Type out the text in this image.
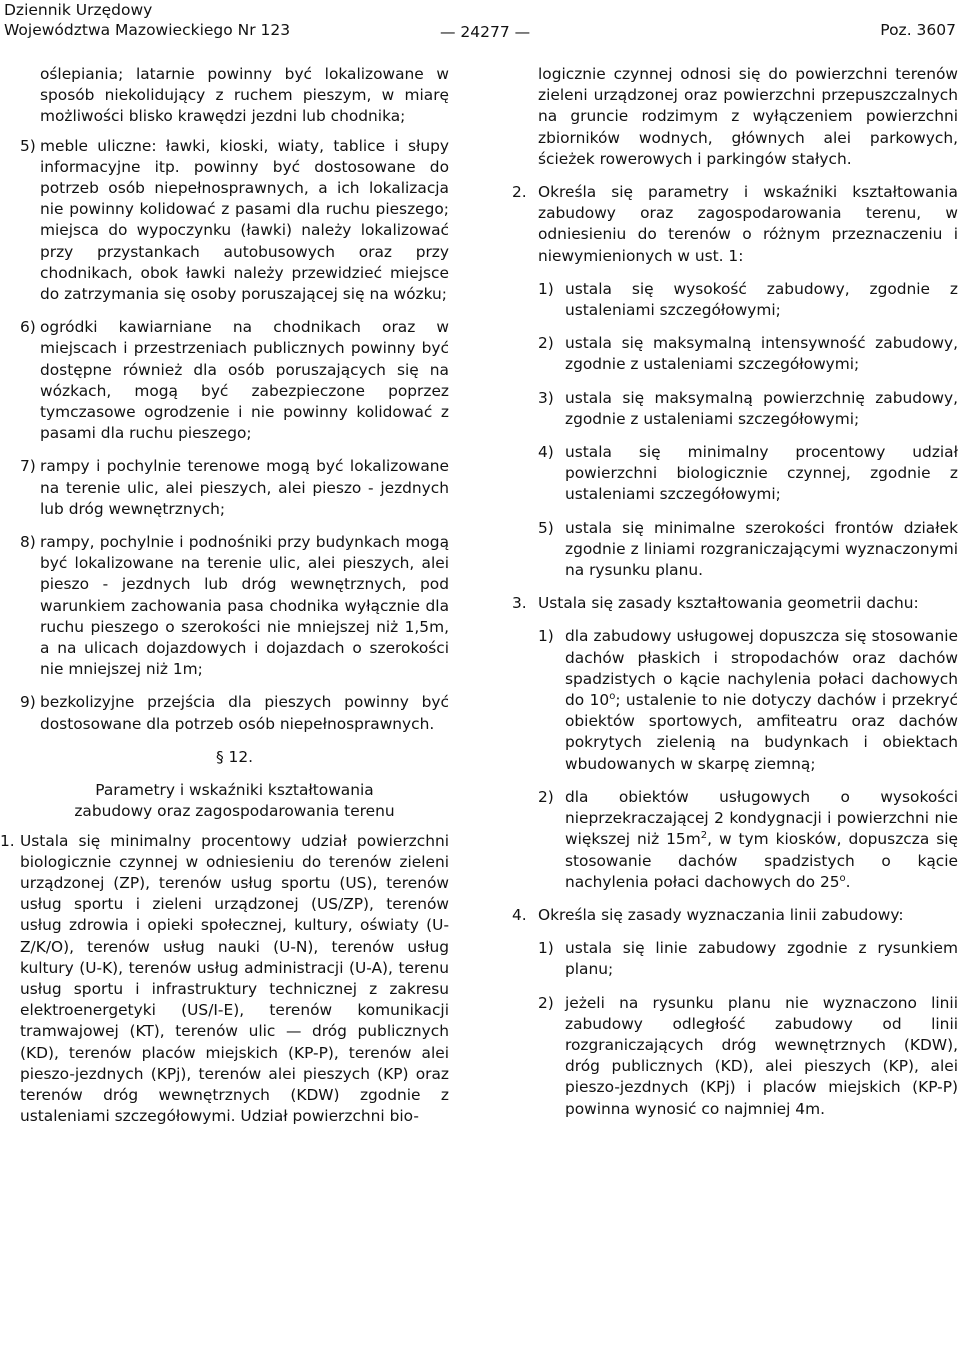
Dziennik Urzędowy
Województwa Mazowieckiego Nr 123	Poz. 3607
— 24277 —

oślepiania; latarnie powinny być lokalizowane w sposób niekolidujący z ruchem pieszym, w miarę możliwości blisko krawędzi jezdni lub chodnika;

5) meble uliczne: ławki, kioski, wiaty, tablice i słupy informacyjne itp. powinny być dostosowane do potrzeb osób niepełnosprawnych, a ich lokalizacja nie powinny kolidować z pasami dla ruchu pieszego; miejsca do wypoczynku (ławki) należy lokalizować przy przystankach autobusowych oraz przy chodnikach, obok ławki należy przewidzieć miejsce do zatrzymania się osoby poruszającej się na wózku;

6) ogródki kawiarniane na chodnikach oraz w miejscach i przestrzeniach publicznych powinny być dostępne również dla osób poruszających się na wózkach, mogą być zabezpieczone poprzez tymczasowe ogrodzenie i nie powinny kolidować z pasami dla ruchu pieszego;

7) rampy i pochylnie terenowe mogą być lokalizowane na terenie ulic, alei pieszych, alei pieszo - jezdnych lub dróg wewnętrznych;

8) rampy, pochylnie i podnośniki przy budynkach mogą być lokalizowane na terenie ulic, alei pieszych, alei pieszo - jezdnych lub dróg wewnętrznych, pod warunkiem zachowania pasa chodnika wyłącznie dla ruchu pieszego o szerokości nie mniejszej niż 1,5m, a na ulicach dojazdowych i dojazdach o szerokości nie mniejszej niż 1m;

9) bezkolizyjne przejścia dla pieszych powinny być dostosowane dla potrzeb osób niepełnosprawnych.

§ 12.

Parametry i wskaźniki kształtowania

zabudowy oraz zagospodarowania terenu

1. Ustala się minimalny procentowy udział powierzchni biologicznie czynnej w odniesieniu do terenów zieleni urządzonej (ZP), terenów usług sportu (US), terenów usług sportu i zieleni urządzonej (US/ZP), terenów usług zdrowia i opieki społecznej, kultury, oświaty (U-Z/K/O), terenów usług nauki (U-N), terenów usług kultury (U-K), terenów usług administracji (U-A), terenu usług sportu i infrastruktury technicznej z zakresu elektroenergetyki (US/I-E), terenów komunikacji tramwajowej (KT), terenów ulic — dróg publicznych (KD), terenów placów miejskich (KP-P), terenów alei pieszo-jezdnych (KPj), terenów alei pieszych (KP) oraz terenów dróg wewnętrznych (KDW) zgodnie z ustaleniami szczegółowymi. Udział powierzchni bio-

logicznie czynnej odnosi się do powierzchni terenów zieleni urządzonej oraz powierzchni przepuszczalnych na gruncie rodzimym z wyłączeniem powierzchni zbiorników wodnych, głównych alei parkowych, ścieżek rowerowych i parkingów stałych.

2. Określa się parametry i wskaźniki kształtowania zabudowy oraz zagospodarowania terenu, w odniesieniu do terenów o różnym przeznaczeniu i niewymienionych w ust. 1:

1) ustala się wysokość zabudowy, zgodnie z ustaleniami szczegółowymi;

2) ustala się maksymalną intensywność zabudowy, zgodnie z ustaleniami szczegółowymi;

3) ustala się maksymalną powierzchnię zabudowy, zgodnie z ustaleniami szczegółowymi;

4) ustala się minimalny procentowy udział powierzchni biologicznie czynnej, zgodnie z ustaleniami szczegółowymi;

5) ustala się minimalne szerokości frontów działek zgodnie z liniami rozgraniczającymi wyznaczonymi na rysunku planu.

3. Ustala się zasady kształtowania geometrii dachu:

1) dla zabudowy usługowej dopuszcza się stosowanie dachów płaskich i stropodachów oraz dachów spadzistych o kącie nachylenia połaci dachowych do 10$^o$; ustalenie to nie dotyczy dachów i przekryć obiektów sportowych, amfiteatru oraz dachów pokrytych zielenią na budynkach i obiektach wbudowanych w skarpę ziemną;

2) dla obiektów usługowych o wysokości nieprzekraczającej 2 kondygnacji i powierzchni nie większej niż $15m^2$, w tym kiosków, dopuszcza się stosowanie dachów spadzistych o kącie nachylenia połaci dachowych do 25$^o$.

4. Określa się zasady wyznaczania linii zabudowy:

1) ustala się linie zabudowy zgodnie z rysunkiem planu;

2) jeżeli na rysunku planu nie wyznaczono linii zabudowy odległość zabudowy od linii rozgraniczających dróg wewnętrznych (KDW), dróg publicznych (KD), alei pieszych (KP), alei pieszo-jezdnych (KPj) i placów miejskich (KP-P) powinna wynosić co najmniej 4m.
